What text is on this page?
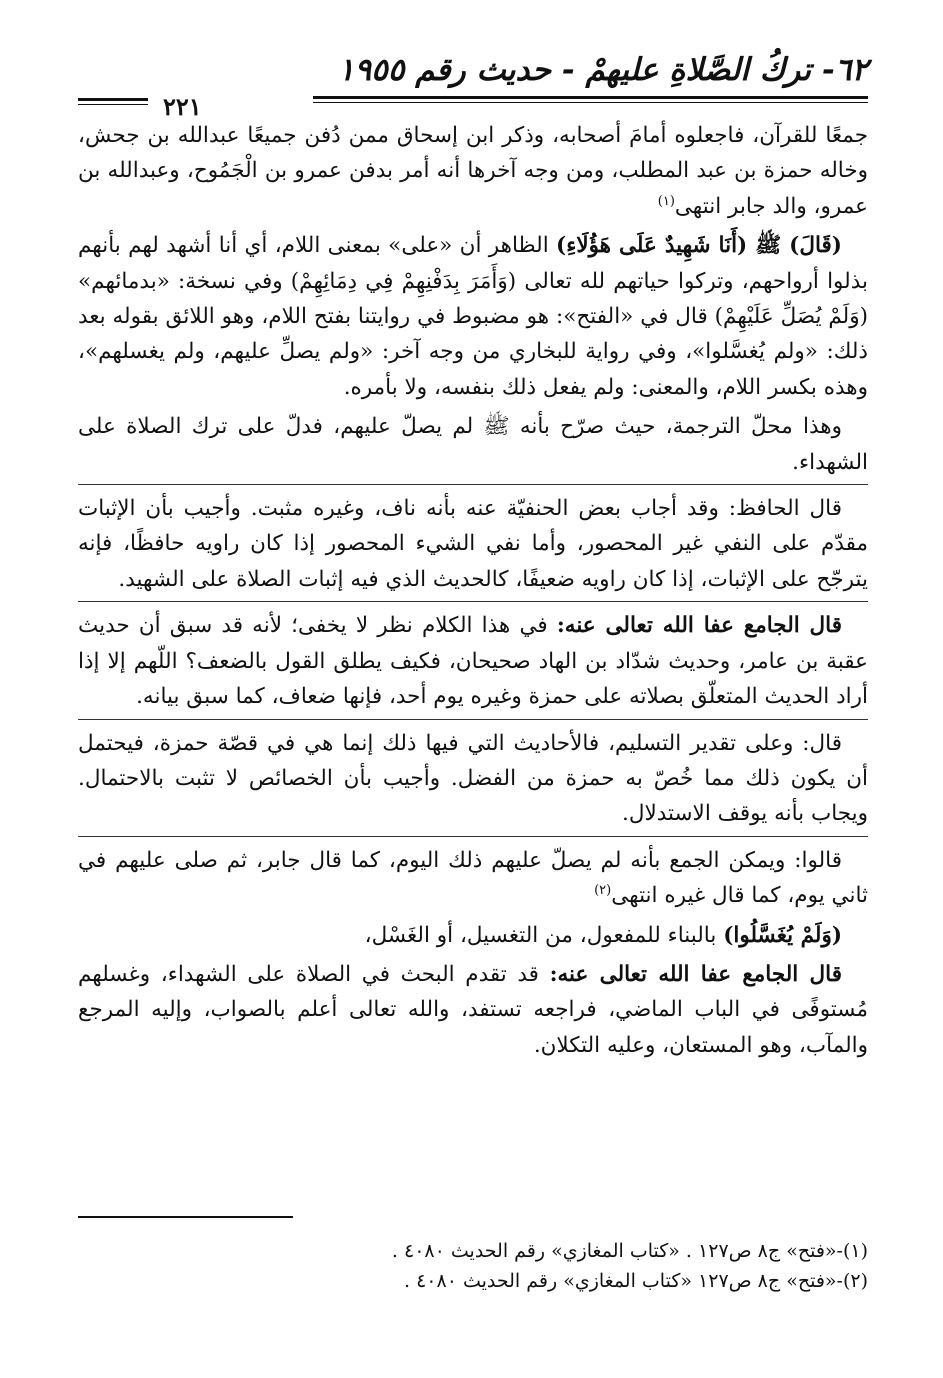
٦٢- تركُ الصَّلاةِ عليهمْ - حديث رقم ١٩٥٥
٢٢١

جمعًا للقرآن، فاجعلوه أمامَ أصحابه، وذكر ابن إسحاق ممن دُفن جميعًا عبدالله بن جحش، وخاله حمزة بن عبد المطلب، ومن وجه آخرها أنه أمر بدفن عمرو بن الْجَمُوح، وعبدالله بن عمرو، والد جابر انتهى$^{(١)}$

(قَالَ) ﷺ (أَنَا شَهِيدٌ عَلَى هَؤُلَاءِ) الظاهر أن «على» بمعنى اللام، أي أنا أشهد لهم بأنهم بذلوا أرواحهم، وتركوا حياتهم لله تعالى (وَأَمَرَ بِدَفْنِهِمْ فِي دِمَائِهِمْ) وفي نسخة: «بدمائهم» (وَلَمْ يُصَلِّ عَلَيْهِمْ) قال في «الفتح»: هو مضبوط في روايتنا بفتح اللام، وهو اللائق بقوله بعد ذلك: «ولم يُغسَّلوا»، وفي رواية للبخاري من وجه آخر: «ولم يصلِّ عليهم، ولم يغسلهم»، وهذه بكسر اللام، والمعنى: ولم يفعل ذلك بنفسه، ولا بأمره.

وهذا محلّ الترجمة، حيث صرّح بأنه ﷺ لم يصلّ عليهم، فدلّ على ترك الصلاة على الشهداء.

قال الحافظ: وقد أجاب بعض الحنفيّة عنه بأنه ناف، وغيره مثبت. وأجيب بأن الإثبات مقدّم على النفي غير المحصور، وأما نفي الشيء المحصور إذا كان راويه حافظًا، فإنه يترجّح على الإثبات، إذا كان راويه ضعيفًا، كالحديث الذي فيه إثبات الصلاة على الشهيد.

قال الجامع عفا الله تعالى عنه: في هذا الكلام نظر لا يخفى؛ لأنه قد سبق أن حديث عقبة بن عامر، وحديث شدّاد بن الهاد صحيحان، فكيف يطلق القول بالضعف؟ اللّهم إلا إذا أراد الحديث المتعلّق بصلاته على حمزة وغيره يوم أحد، فإنها ضعاف، كما سبق بيانه.

قال: وعلى تقدير التسليم، فالأحاديث التي فيها ذلك إنما هي في قصّة حمزة، فيحتمل أن يكون ذلك مما خُصّ به حمزة من الفضل. وأجيب بأن الخصائص لا تثبت بالاحتمال. ويجاب بأنه يوقف الاستدلال.

قالوا: ويمكن الجمع بأنه لم يصلّ عليهم ذلك اليوم، كما قال جابر، ثم صلى عليهم في ثاني يوم، كما قال غيره انتهى$^{(٢)}$

(وَلَمْ يُغَسَّلُوا) بالبناء للمفعول، من التغسيل، أو الغَسْل،

قال الجامع عفا الله تعالى عنه: قد تقدم البحث في الصلاة على الشهداء، وغسلهم مُستوفًى في الباب الماضي، فراجعه تستفد، والله تعالى أعلم بالصواب، وإليه المرجع والمآب، وهو المستعان، وعليه التكلان.

(١)-«فتح» ج٨ ص١٢٧ . «كتاب المغازي» رقم الحديث ٤٠٨٠ .

(٢)-«فتح» ج٨ ص١٢٧ «كتاب المغازي» رقم الحديث ٤٠٨٠ .
